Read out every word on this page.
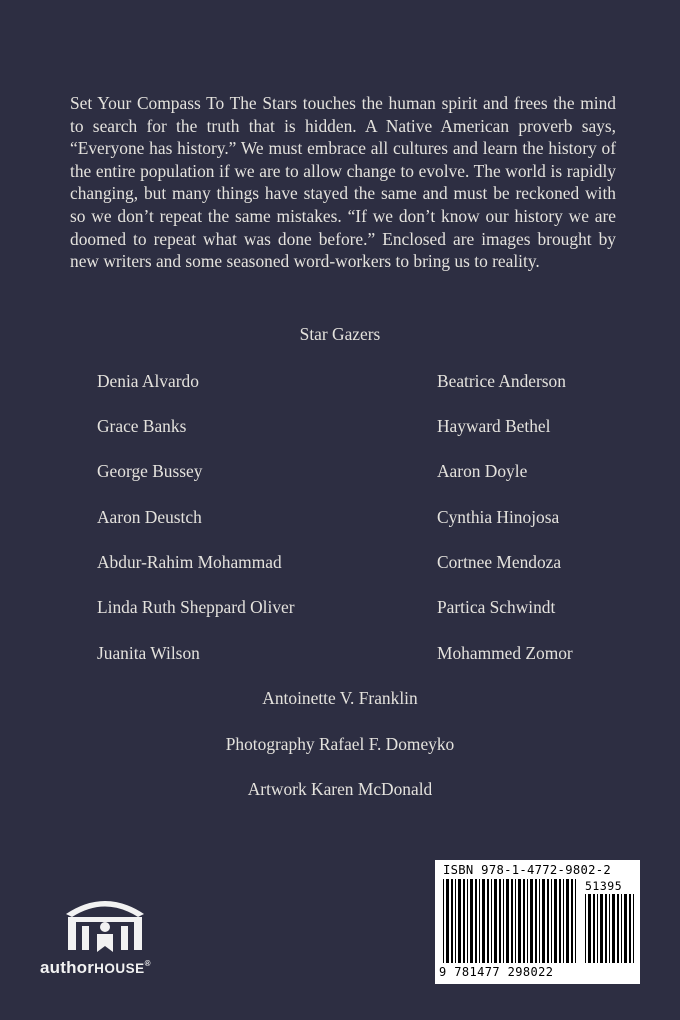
Set Your Compass To The Stars touches the human spirit and frees the mind to search for the truth that is hidden. A Native American proverb says, “Everyone has history.” We must embrace all cultures and learn the history of the entire population if we are to allow change to evolve. The world is rapidly changing, but many things have stayed the same and must be reckoned with so we don’t repeat the same mistakes. “If we don’t know our history we are doomed to repeat what was done before.” Enclosed are images brought by new writers and some seasoned word-workers to bring us to reality.

Star Gazers
Denia Alvardo
Grace Banks
George Bussey
Aaron Deustch
Abdur-Rahim Mohammad
Linda Ruth Sheppard Oliver
Juanita Wilson
Beatrice Anderson
Hayward Bethel
Aaron Doyle
Cynthia Hinojosa
Cortnee Mendoza
Partica Schwindt
Mohammed Zomor
Antoinette V. Franklin
Photography Rafael F. Domeyko
Artwork Karen McDonald
authorHOUSE®
ISBN 978-1-4772-9802-2
51395
9 781477 298022
